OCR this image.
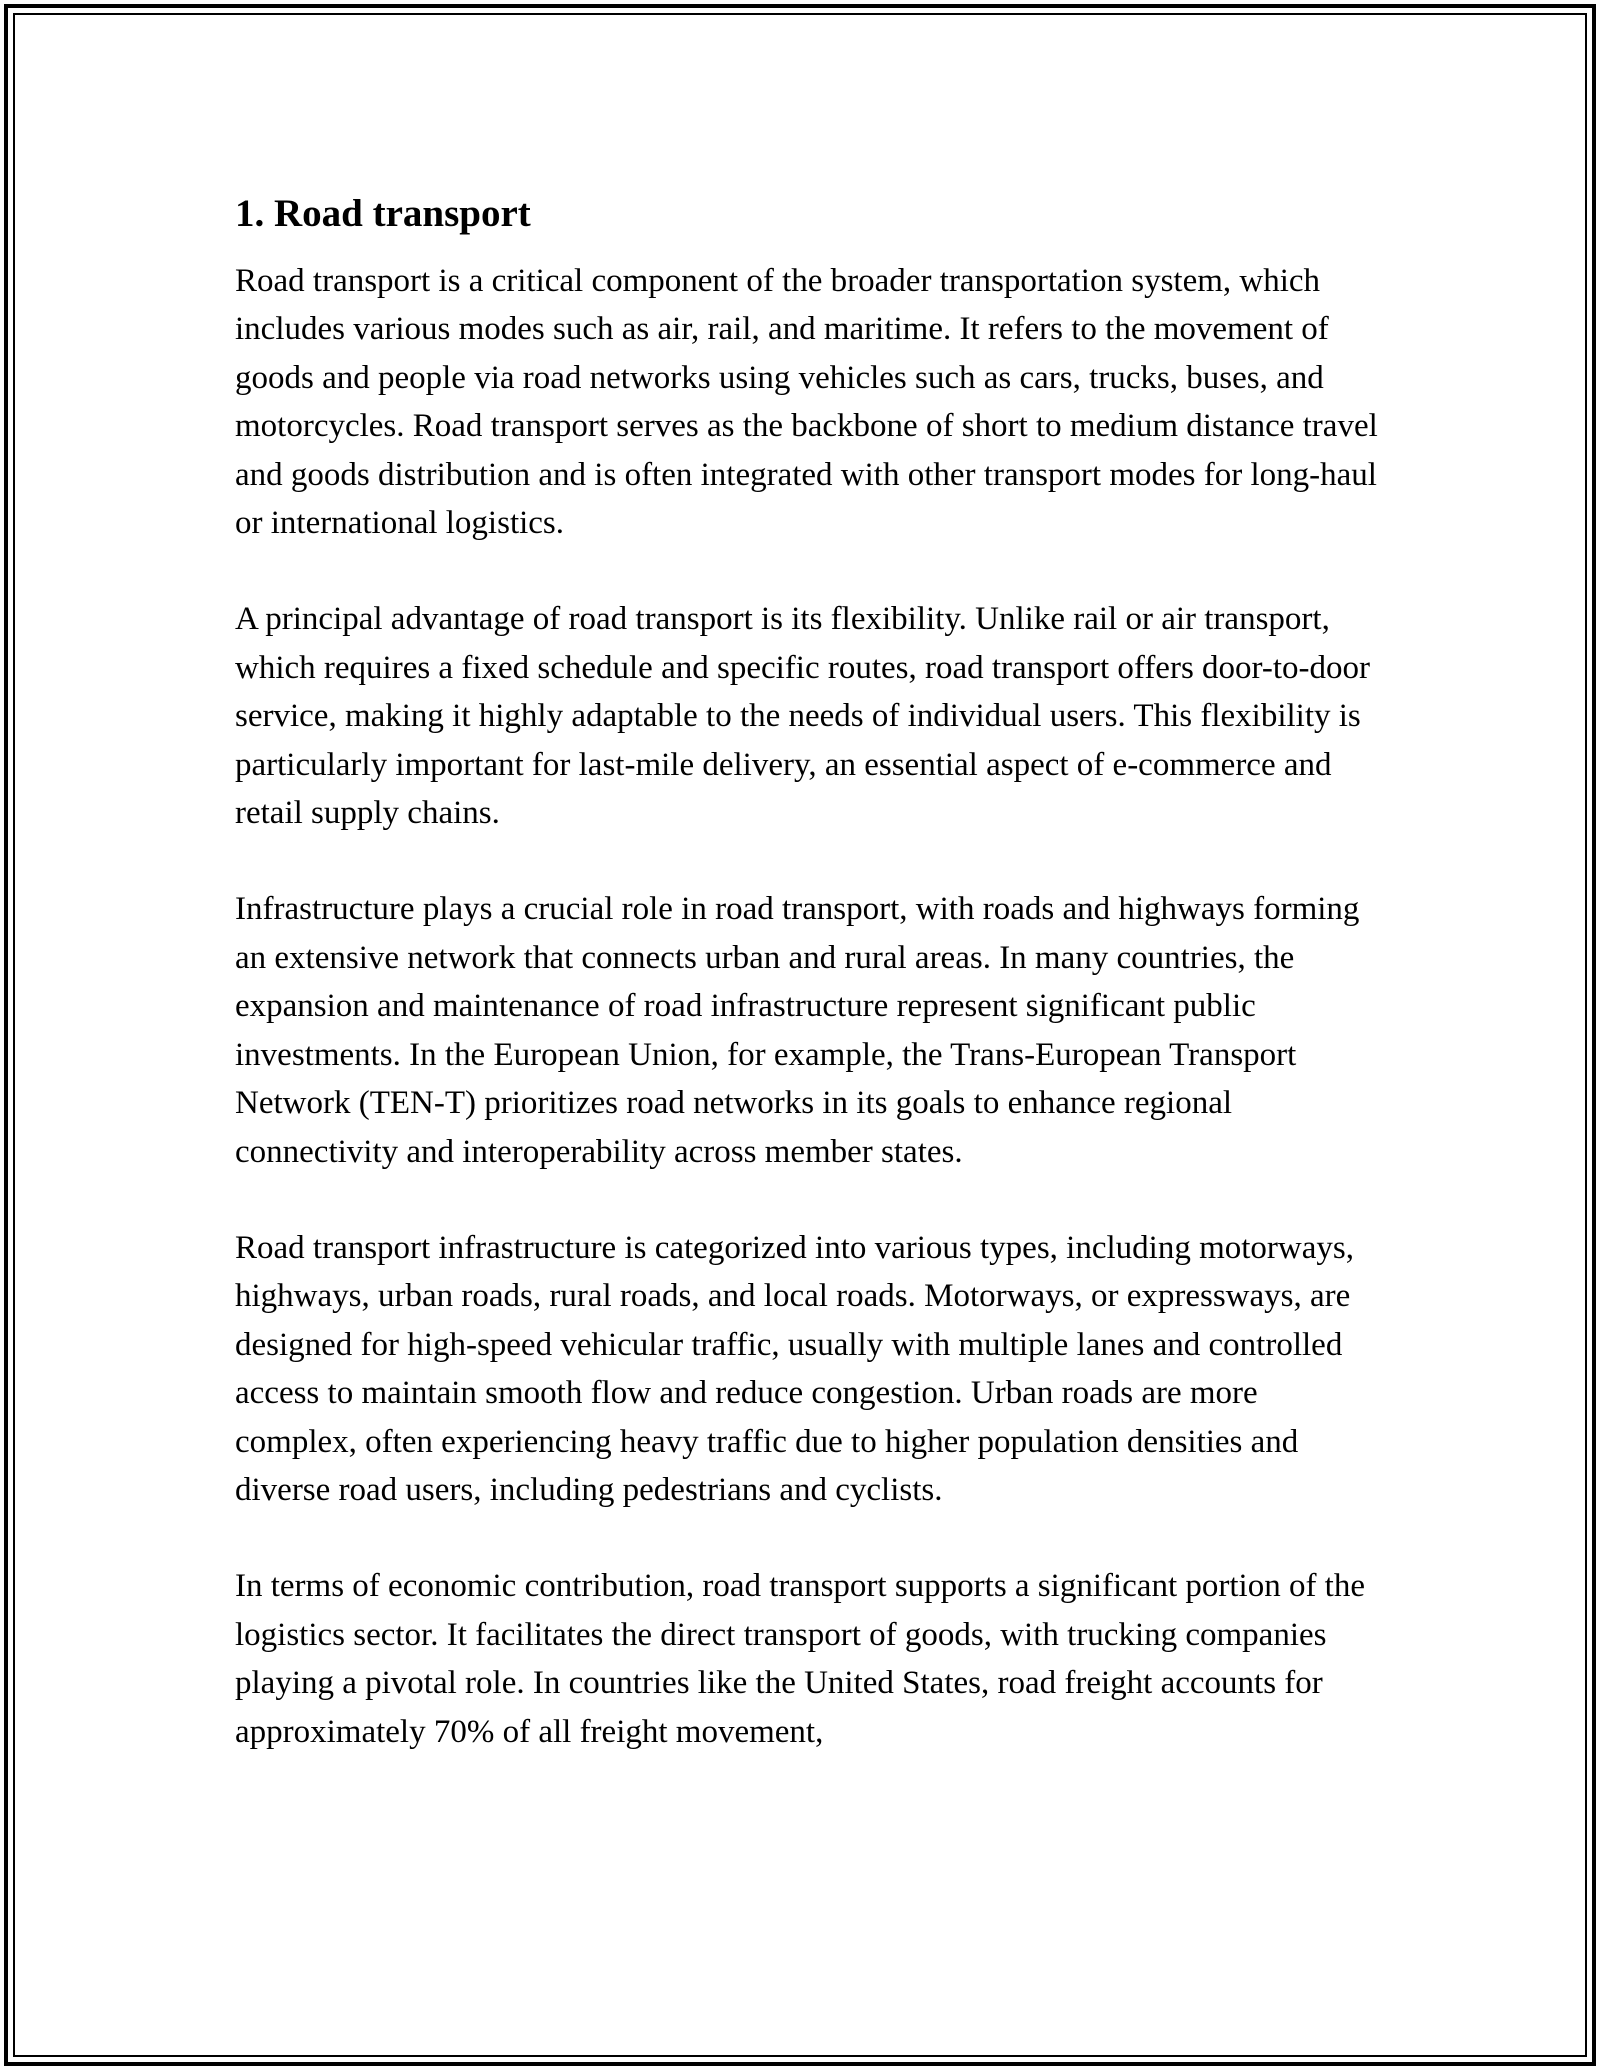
1. Road transport

Road transport is a critical component of the broader transportation system, which includes various modes such as air, rail, and maritime. It refers to the movement of goods and people via road networks using vehicles such as cars, trucks, buses, and motorcycles. Road transport serves as the backbone of short to medium distance travel and goods distribution and is often integrated with other transport modes for long-haul or international logistics.

A principal advantage of road transport is its flexibility. Unlike rail or air transport, which requires a fixed schedule and specific routes, road transport offers door-to-door service, making it highly adaptable to the needs of individual users. This flexibility is particularly important for last-mile delivery, an essential aspect of e-commerce and retail supply chains.

Infrastructure plays a crucial role in road transport, with roads and highways forming an extensive network that connects urban and rural areas. In many countries, the expansion and maintenance of road infrastructure represent significant public investments. In the European Union, for example, the Trans-European Transport Network (TEN-T) prioritizes road networks in its goals to enhance regional connectivity and interoperability across member states.

Road transport infrastructure is categorized into various types, including motorways, highways, urban roads, rural roads, and local roads. Motorways, or expressways, are designed for high-speed vehicular traffic, usually with multiple lanes and controlled access to maintain smooth flow and reduce congestion. Urban roads are more complex, often experiencing heavy traffic due to higher population densities and diverse road users, including pedestrians and cyclists.

In terms of economic contribution, road transport supports a significant portion of the logistics sector. It facilitates the direct transport of goods, with trucking companies playing a pivotal role. In countries like the United States, road freight accounts for approximately 70% of all freight movement,
